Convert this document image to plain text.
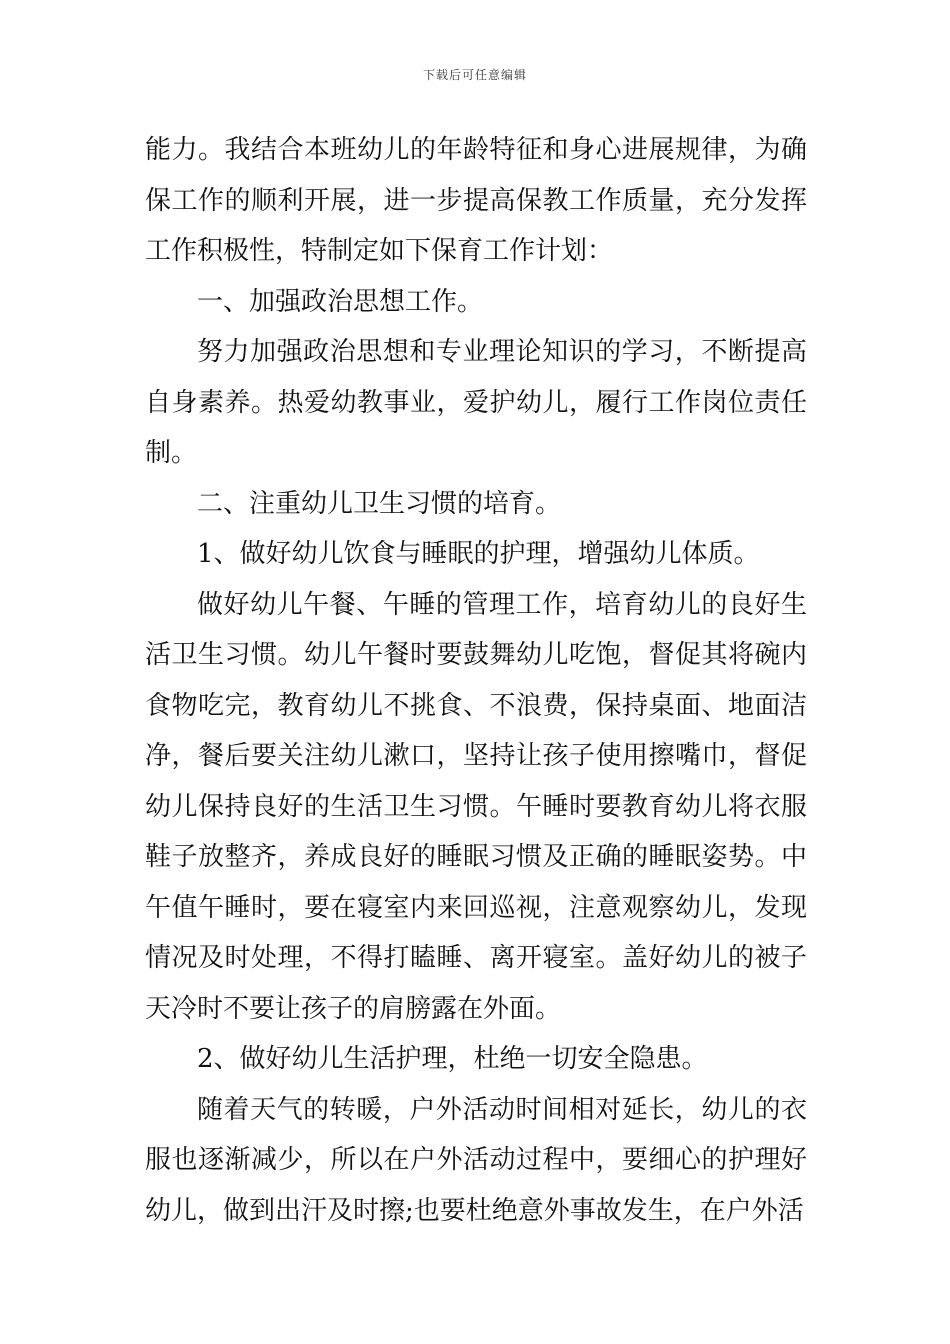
下载后可任意编辑

能力。我结合本班幼儿的年龄特征和身心进展规律，为确保工作的顺利开展，进一步提高保教工作质量，充分发挥工作积极性，特制定如下保育工作计划：

一、加强政治思想工作。

努力加强政治思想和专业理论知识的学习，不断提高自身素养。热爱幼教事业，爱护幼儿，履行工作岗位责任制。

二、注重幼儿卫生习惯的培育。

1、做好幼儿饮食与睡眠的护理，增强幼儿体质。

做好幼儿午餐、午睡的管理工作，培育幼儿的良好生活卫生习惯。幼儿午餐时要鼓舞幼儿吃饱，督促其将碗内食物吃完，教育幼儿不挑食、不浪费，保持桌面、地面洁净，餐后要关注幼儿漱口，坚持让孩子使用擦嘴巾，督促幼儿保持良好的生活卫生习惯。午睡时要教育幼儿将衣服鞋子放整齐，养成良好的睡眠习惯及正确的睡眠姿势。中午值午睡时，要在寝室内来回巡视，注意观察幼儿，发现情况及时处理，不得打瞌睡、离开寝室。盖好幼儿的被子天冷时不要让孩子的肩膀露在外面。

2、做好幼儿生活护理，杜绝一切安全隐患。

随着天气的转暖，户外活动时间相对延长，幼儿的衣服也逐渐减少，所以在户外活动过程中，要细心的护理好幼儿，做到出汗及时擦;也要杜绝意外事故发生，在户外活
